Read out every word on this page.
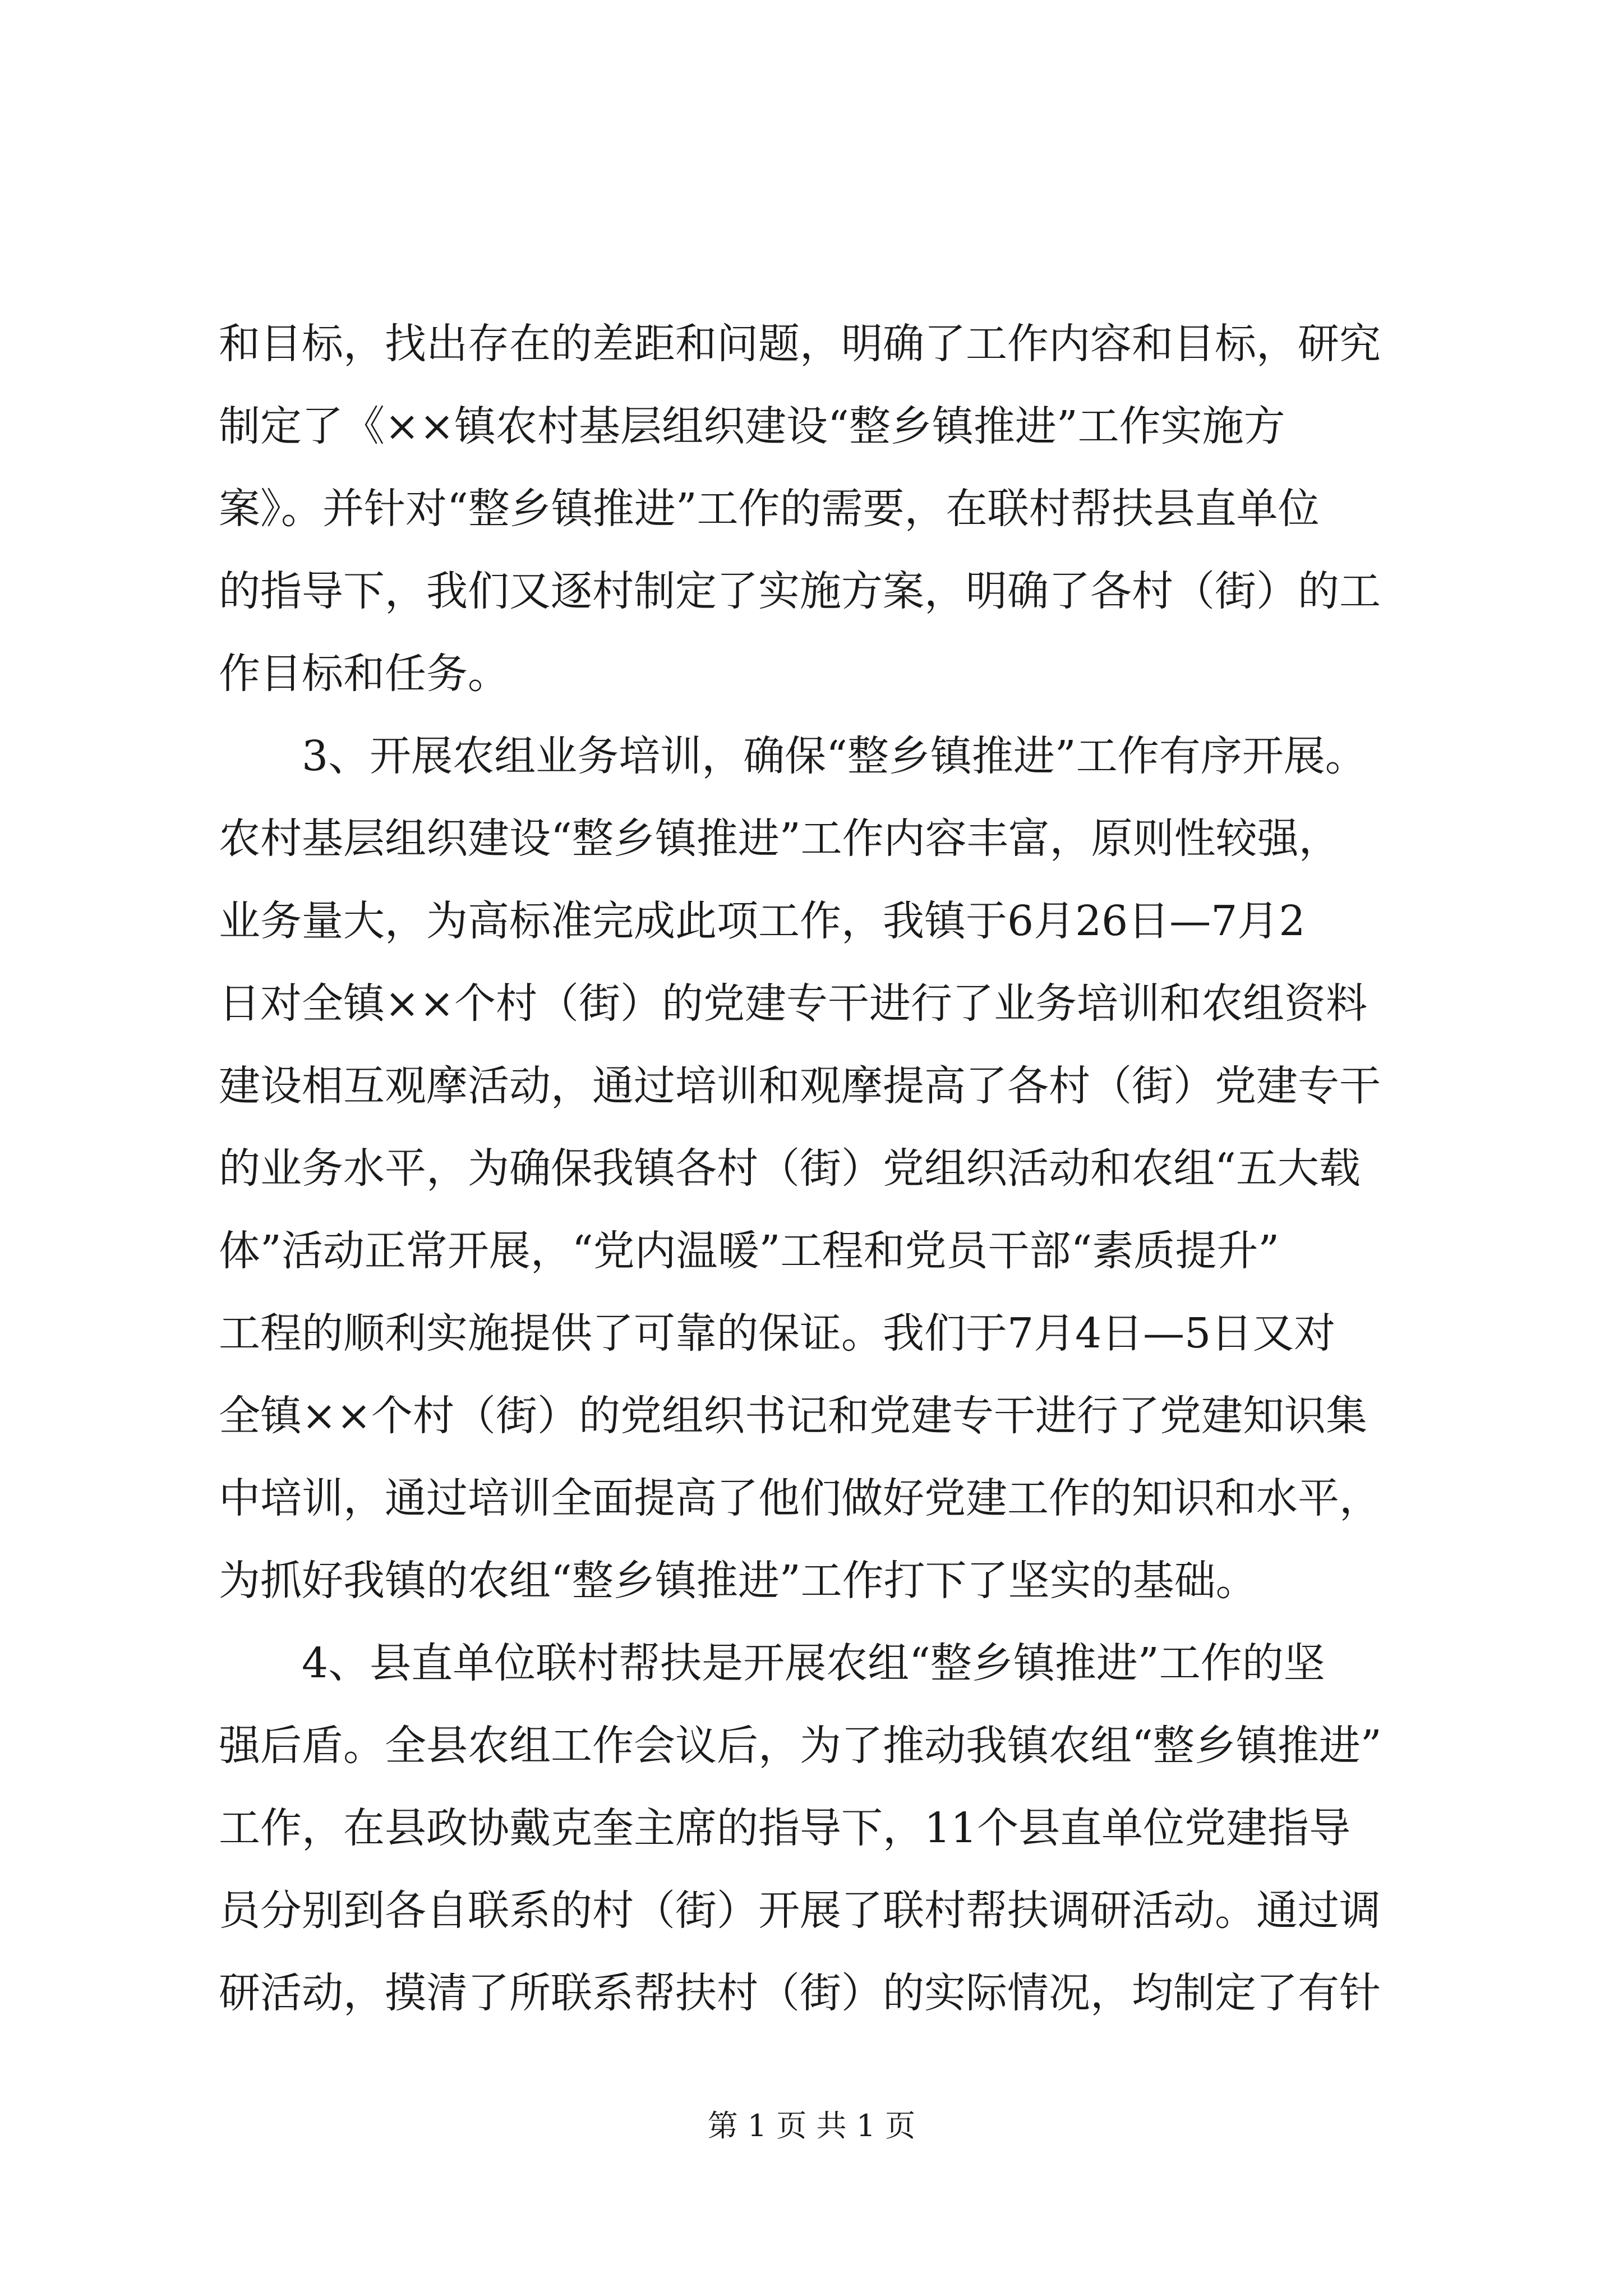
和目标，找出存在的差距和问题，明确了工作内容和目标，研究
制定了《××镇农村基层组织建设“整乡镇推进”工作实施方
案》。并针对“整乡镇推进”工作的需要，在联村帮扶县直单位
的指导下，我们又逐村制定了实施方案，明确了各村（街）的工
作目标和任务。
　　3、开展农组业务培训，确保“整乡镇推进”工作有序开展。
农村基层组织建设“整乡镇推进”工作内容丰富，原则性较强，
业务量大，为高标准完成此项工作，我镇于6月26日—7月2
日对全镇××个村（街）的党建专干进行了业务培训和农组资料
建设相互观摩活动，通过培训和观摩提高了各村（街）党建专干
的业务水平，为确保我镇各村（街）党组织活动和农组“五大载
体”活动正常开展，“党内温暖”工程和党员干部“素质提升”
工程的顺利实施提供了可靠的保证。我们于7月4日—5日又对
全镇××个村（街）的党组织书记和党建专干进行了党建知识集
中培训，通过培训全面提高了他们做好党建工作的知识和水平，
为抓好我镇的农组“整乡镇推进”工作打下了坚实的基础。
　　4、县直单位联村帮扶是开展农组“整乡镇推进”工作的坚
强后盾。全县农组工作会议后，为了推动我镇农组“整乡镇推进”
工作，在县政协戴克奎主席的指导下，11个县直单位党建指导
员分别到各自联系的村（街）开展了联村帮扶调研活动。通过调
研活动，摸清了所联系帮扶村（街）的实际情况，均制定了有针
第 1 页 共 1 页
